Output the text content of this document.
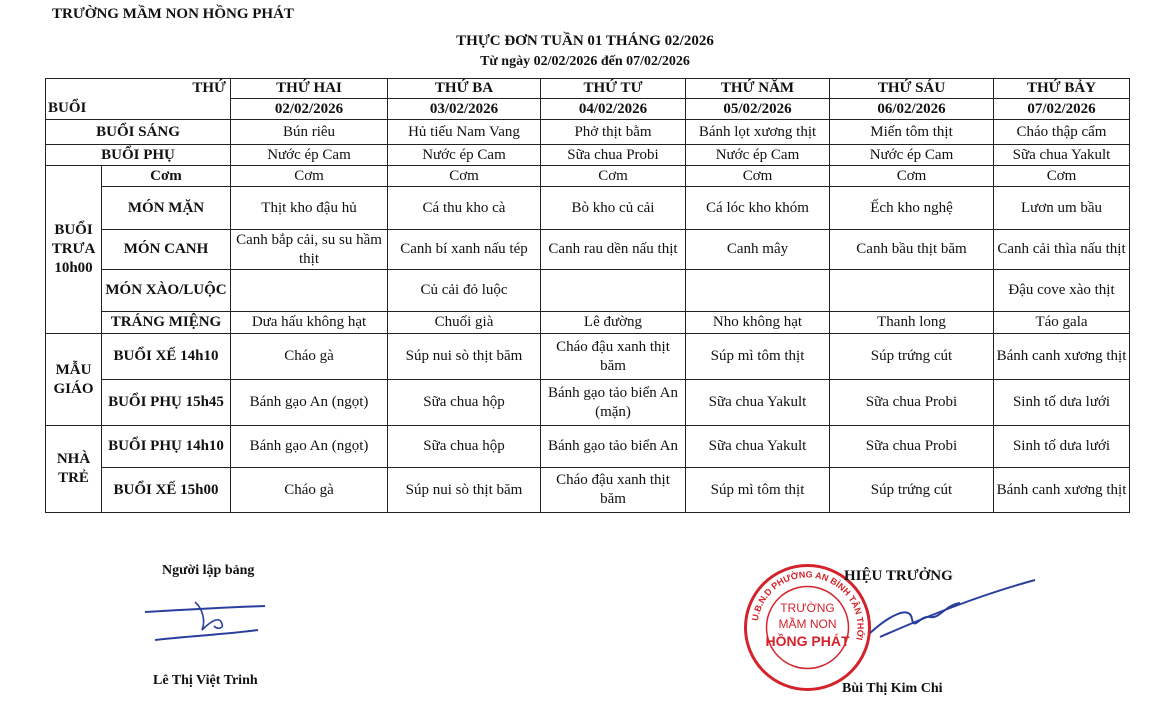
TRƯỜNG MẦM NON HỒNG PHÁT
THỰC ĐƠN TUẦN 01 THÁNG 02/2026
Từ ngày 02/02/2026 đến 07/02/2026
THỨ		THỨ HAI	THỨ BA	THỨ TƯ	THỨ NĂM	THỨ SÁU	THỨ BẢY
BUỔI		02/02/2026	03/02/2026	04/02/2026	05/02/2026	06/02/2026	07/02/2026
BUỔI SÁNG		Bún riêu	Hủ tiếu Nam Vang	Phở thịt bằm	Bánh lọt xương thịt	Miến tôm thịt	Cháo thập cẩm
BUỔI PHỤ		Nước ép Cam	Nước ép Cam	Sữa chua Probi	Nước ép Cam	Nước ép Cam	Sữa chua Yakult
BUỔI TRƯA 10h00	Cơm	Cơm	Cơm	Cơm	Cơm	Cơm	Cơm
	MÓN MẶN	Thịt kho đậu hủ	Cá thu kho cà	Bò kho củ cải	Cá lóc kho khóm	Ếch kho nghệ	Lươn um bầu
	MÓN CANH	Canh bắp cải, su su hầm thịt	Canh bí xanh nấu tép	Canh rau dền nấu thịt	Canh mây	Canh bầu thịt băm	Canh cải thìa nấu thịt
	MÓN XÀO/LUỘC		Củ cải đỏ luộc				Đậu cove xào thịt
	TRÁNG MIỆNG	Dưa hấu không hạt	Chuối già	Lê đường	Nho không hạt	Thanh long	Táo gala
MẪU GIÁO	BUỔI XẾ 14h10	Cháo gà	Súp nui sò thịt băm	Cháo đậu xanh thịt băm	Súp mì tôm thịt	Súp trứng cút	Bánh canh xương thịt
	BUỔI PHỤ 15h45	Bánh gạo An (ngọt)	Sữa chua hộp	Bánh gạo tảo biển An (mặn)	Sữa chua Yakult	Sữa chua Probi	Sinh tố dưa lưới
NHÀ TRẺ	BUỔI PHỤ 14h10	Bánh gạo An (ngọt)	Sữa chua hộp	Bánh gạo tảo biển An	Sữa chua Yakult	Sữa chua Probi	Sinh tố dưa lưới
	BUỔI XẾ 15h00	Cháo gà	Súp nui sò thịt băm	Cháo đậu xanh thịt băm	Súp mì tôm thịt	Súp trứng cút	Bánh canh xương thịt
Người lập bảng
Lê Thị Việt Trinh
U.B.N.D PHƯỜNG AN BÌNH TÂN THỚI
TRƯỜNG
MẦM NON
HỒNG PHÁT
HIỆU TRƯỞNG
Bùi Thị Kim Chi
